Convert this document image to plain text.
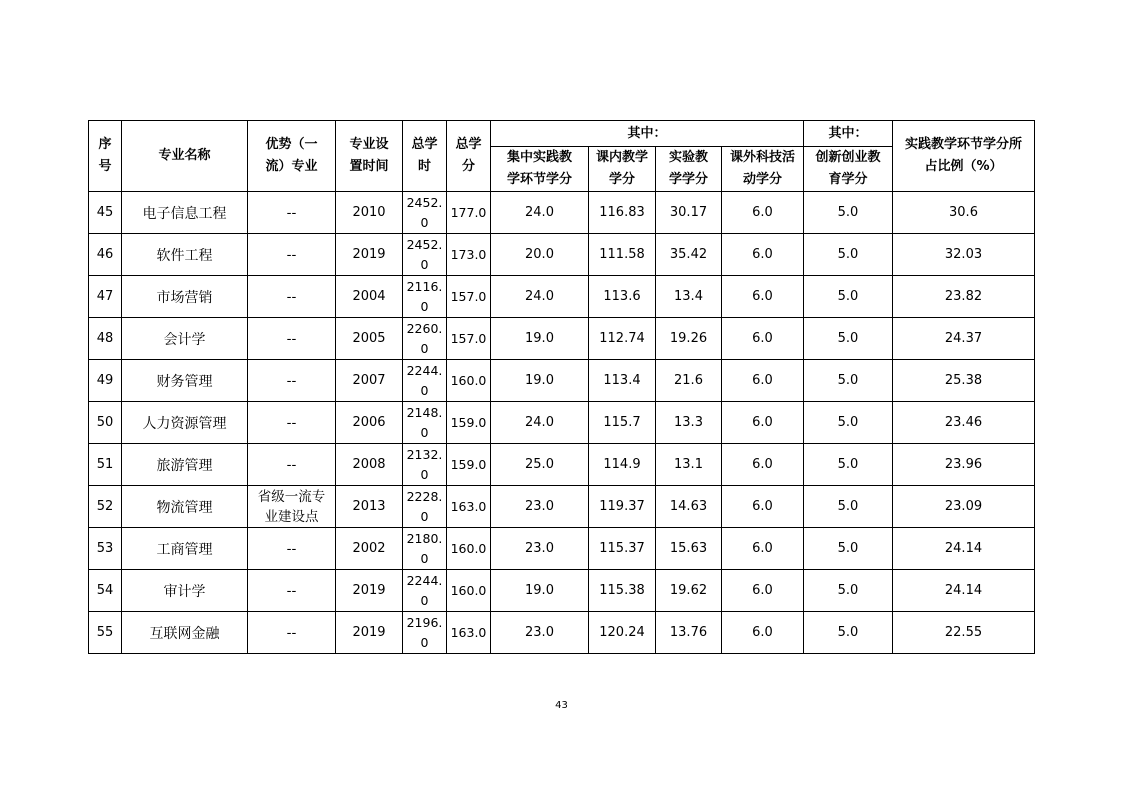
序号	专业名称	优势（一流）专业	专业设置时间	总学时	总学分	其中：				其中：	实践教学环节学分所占比例（%）
						集中实践教学环节学分	课内教学学分	实验教学学分	课外科技活动学分	创新创业教育学分	
45	电子信息工程	--	2010	2452.0	177.0	24.0	116.83	30.17	6.0	5.0	30.6
46	软件工程	--	2019	2452.0	173.0	20.0	111.58	35.42	6.0	5.0	32.03
47	市场营销	--	2004	2116.0	157.0	24.0	113.6	13.4	6.0	5.0	23.82
48	会计学	--	2005	2260.0	157.0	19.0	112.74	19.26	6.0	5.0	24.37
49	财务管理	--	2007	2244.0	160.0	19.0	113.4	21.6	6.0	5.0	25.38
50	人力资源管理	--	2006	2148.0	159.0	24.0	115.7	13.3	6.0	5.0	23.46
51	旅游管理	--	2008	2132.0	159.0	25.0	114.9	13.1	6.0	5.0	23.96
52	物流管理	省级一流专业建设点	2013	2228.0	163.0	23.0	119.37	14.63	6.0	5.0	23.09
53	工商管理	--	2002	2180.0	160.0	23.0	115.37	15.63	6.0	5.0	24.14
54	审计学	--	2019	2244.0	160.0	19.0	115.38	19.62	6.0	5.0	24.14
55	互联网金融	--	2019	2196.0	163.0	23.0	120.24	13.76	6.0	5.0	22.55
43
